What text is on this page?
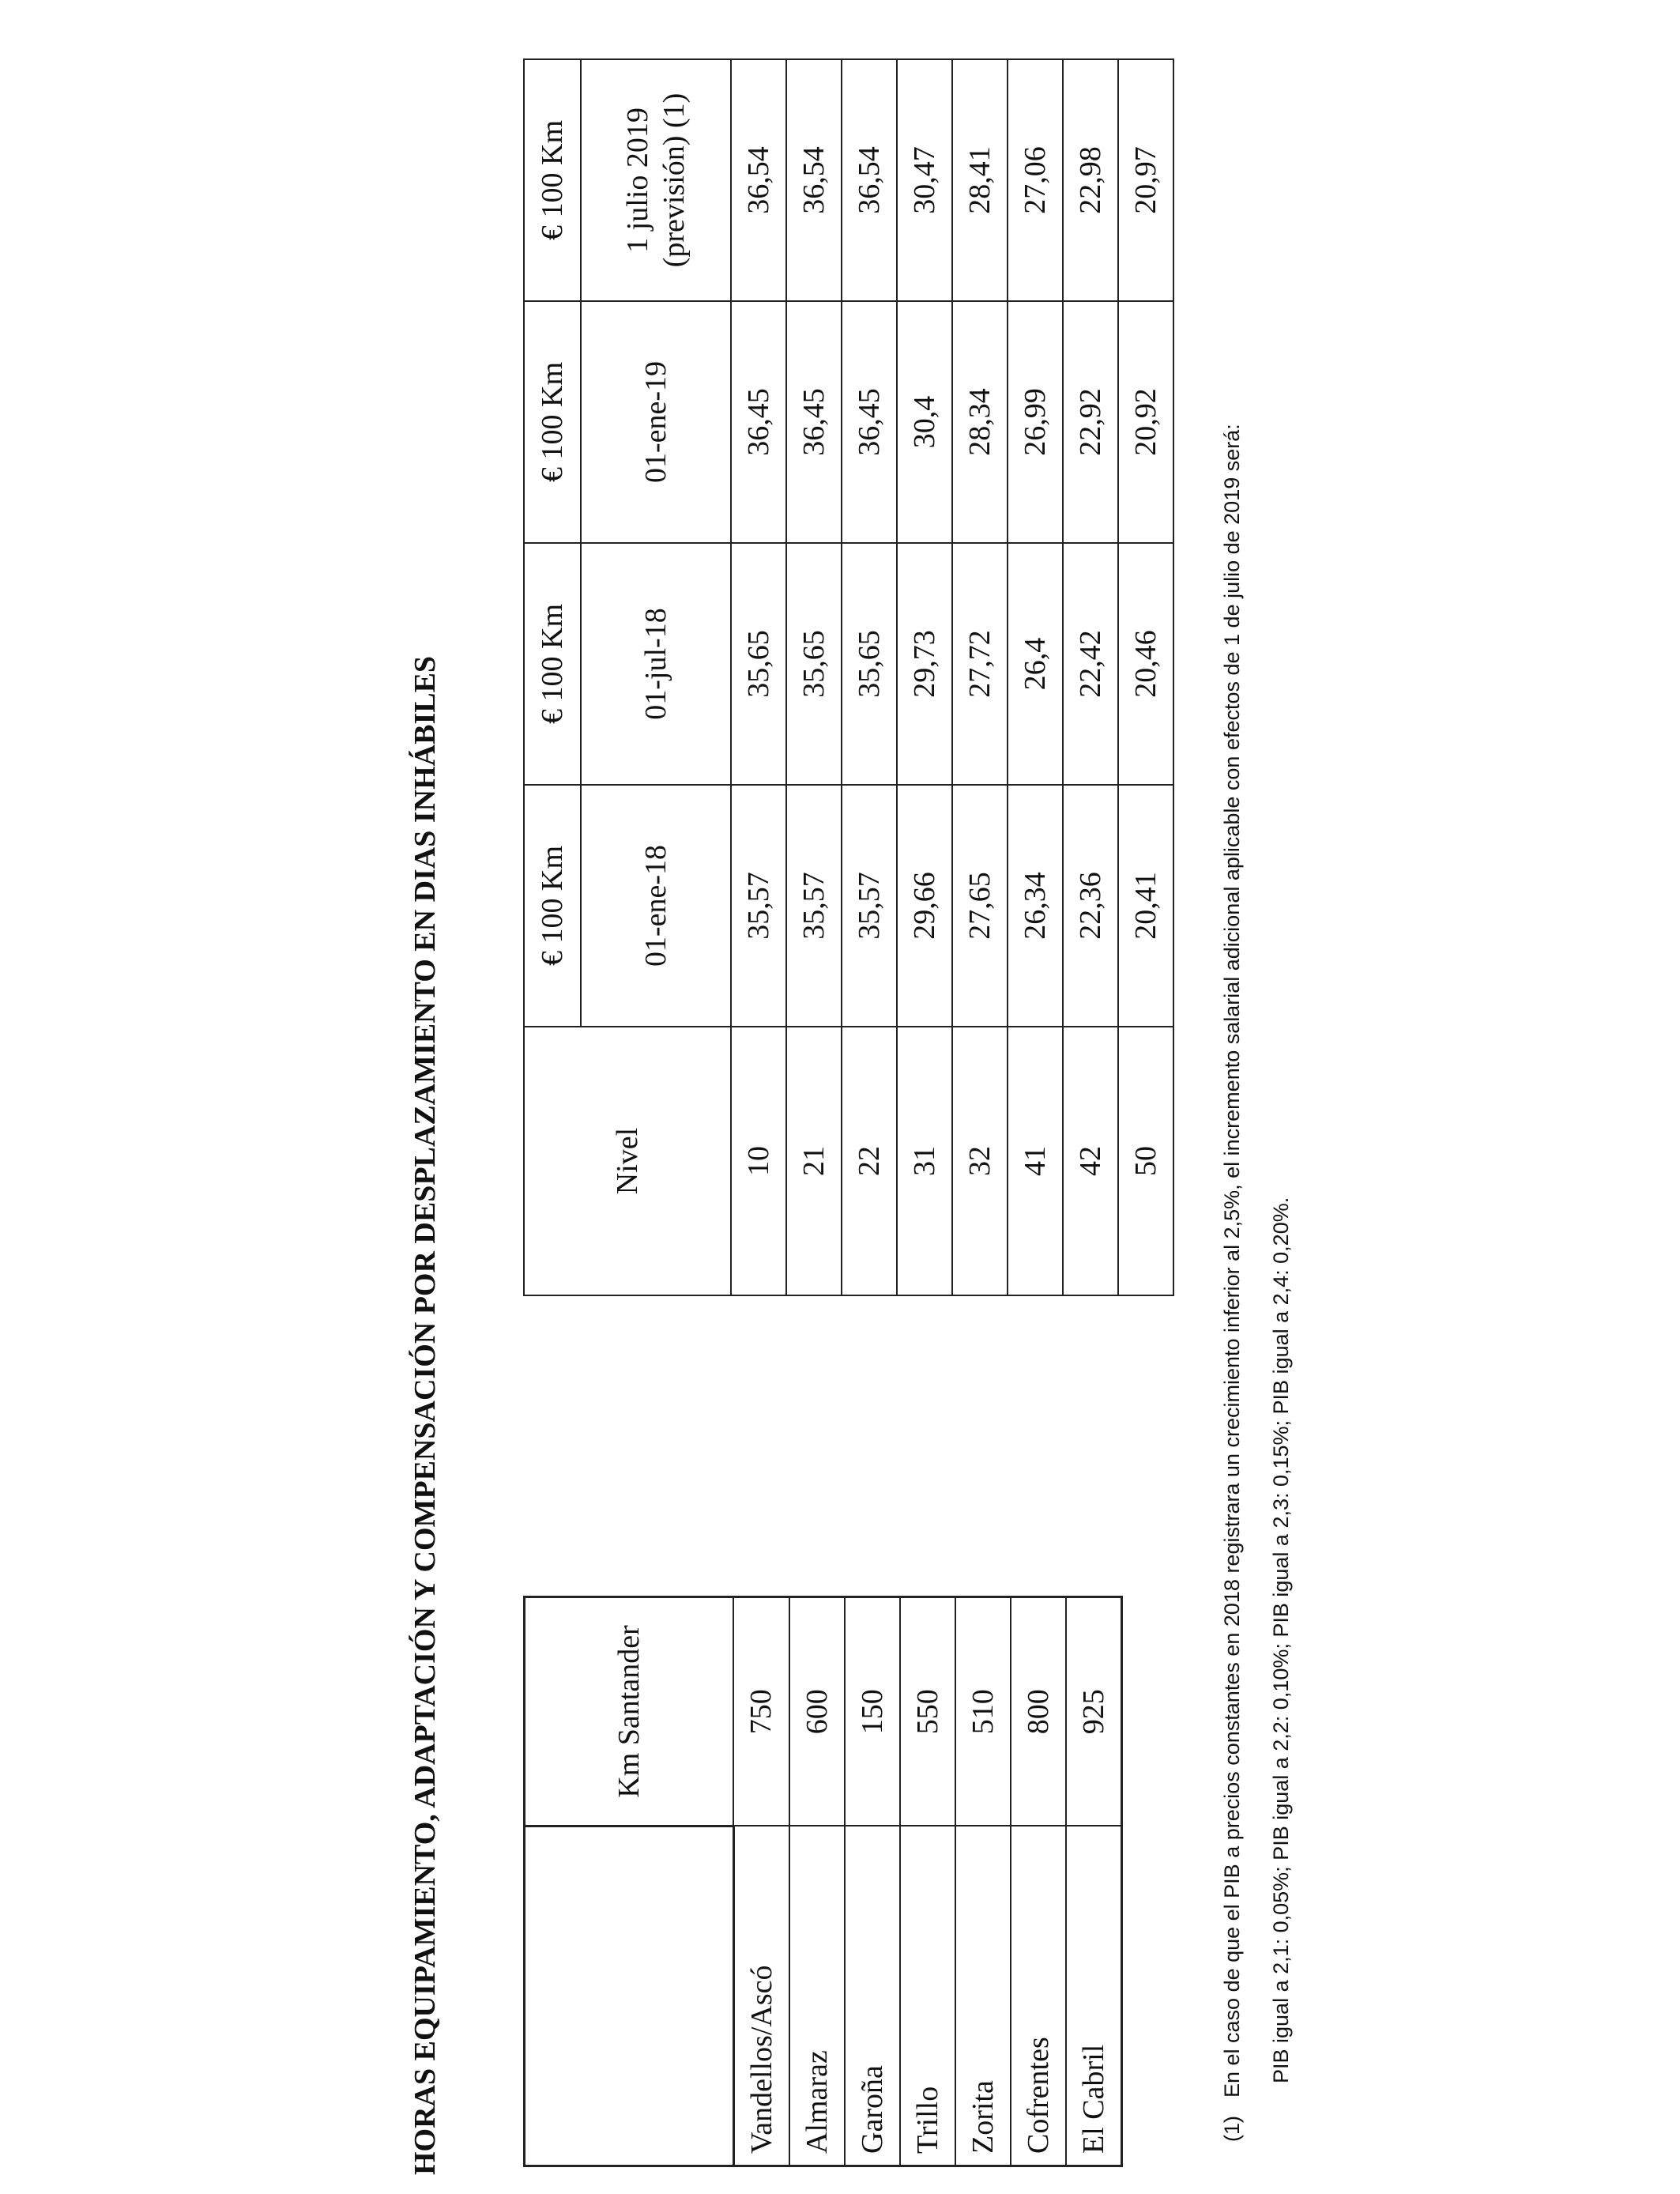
HORAS EQUIPAMIENTO, ADAPTACIÓN Y COMPENSACIÓN POR DESPLAZAMIENTO EN DIAS INHÁBILES
		Km Santander
Vandellos/Ascó	750
Almaraz	600
Garoña	150
Trillo	550
Zorita	510
Cofrentes	800
El Cabril	925
Nivel	€ 100 Km	€ 100 Km	€ 100 Km	€ 100 Km
	01-ene-18	01-jul-18	01-ene-19	1 julio 2019 (previsión) (1)
10	35,57	35,65	36,45	36,54
21	35,57	35,65	36,45	36,54
22	35,57	35,65	36,45	36,54
31	29,66	29,73	30,4	30,47
32	27,65	27,72	28,34	28,41
41	26,34	26,4	26,99	27,06
42	22,36	22,42	22,92	22,98
50	20,41	20,46	20,92	20,97

(1)En el caso de que el PIB a precios constantes en 2018 registrara un crecimiento inferior al 2,5%, el incremento salarial adicional aplicable con efectos de 1 de julio de 2019 será:	PIB igual a 2,1: 0,05%; PIB igual a 2,2: 0,10%; PIB igual a 2,3: 0,15%; PIB igual a 2,4: 0,20%.
